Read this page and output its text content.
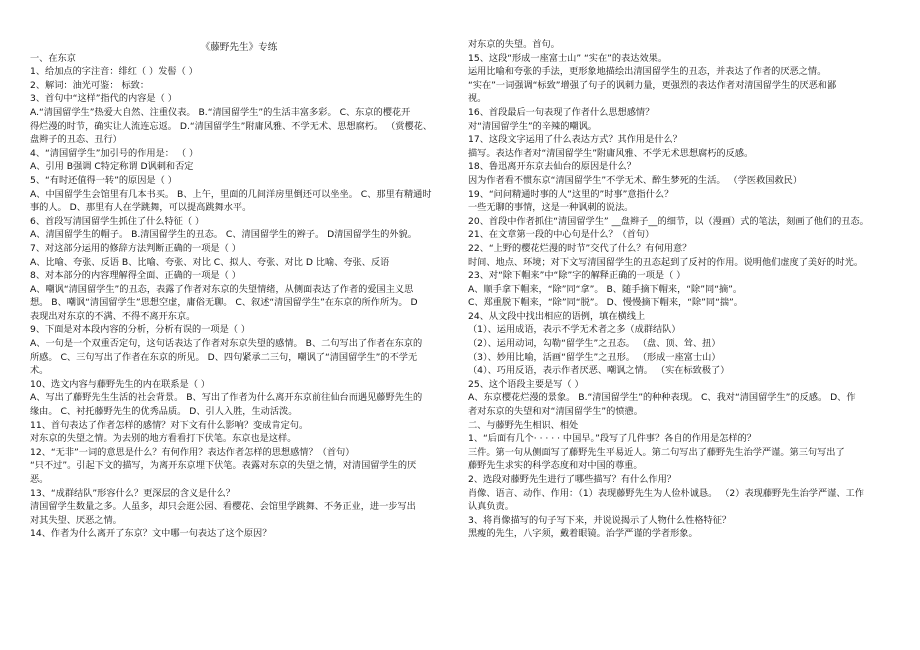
《藤野先生》专练

一、在东京
1、给加点的字注音：绯红（ ）发髻（ ）
2、解词：油光可鉴： 标致：
3、首句中“这样”指代的内容是（ ）
A.“清国留学生”热爱大自然、注重仪表。 B.“清国留学生”的生活丰富多彩。 C、东京的樱花开
得烂漫的时节，确实让人流连忘返。 D.“清国留学生”附庸风雅、不学无术、思想腐朽。 （赏樱花、
盘辫子的丑态、丑行）
4、“清国留学生”加引号的作用是： （ ）
A、引用 B强调 C特定称谓 D讽刺和否定
5、“有时还值得一转”的原因是（ ）
A、中国留学生会馆里有几本书买。 B、上午，里面的几间洋房里倒还可以坐坐。 C、那里有精通时
事的人。 D、那里有人在学跳舞，可以提高跳舞水平。
6、首段写清国留学生抓住了什么特征（ ）
A、清国留学生的帽子。 B.清国留学生的丑态。 C、清国留学生的辫子。 D清国留学生的外貌。
7、对这部分运用的修辞方法判断正确的一项是（ ）
A、比喻、夸张、反语 B、比喻、夸张、对比 C、拟人、夸张、对比 D 比喻、夸张、反语
8、对本部分的内容理解得全面、正确的一项是（ ）
A、嘲讽“清国留学生”的丑态，表露了作者对东京的失望情绪，从侧面表达了作者的爱国主义思
想。 B、嘲讽“清国留学生”思想空虚，庸俗无聊。 C、叙述“清国留学生”在东京的所作所为。 D
表现出对东京的不满、不得不离开东京。
9、下面是对本段内容的分析，分析有误的一项是（ ）
A、一句是一个双重否定句，这句话表达了作者对东京失望的感情。 B、二句写出了作者在东京的
所感。 C、三句写出了作者在东京的所见。 D、四句紧承二三句，嘲讽了“清国留学生”的不学无
术。
10、选文内容与藤野先生的内在联系是（ ）
A、写出了藤野先生生活的社会背景。 B、写出了作者为什么离开东京前往仙台而遇见藤野先生的
缘由。 C、衬托藤野先生的优秀品质。 D、引人入胜，生动活泼。
11、首句表达了作者怎样的感情？对下文有什么影响？变成肯定句。
对东京的失望之情。为去别的地方看看打下伏笔。东京也是这样。
12、“无非”一词的意思是什么？有何作用？表达作者怎样的思想感情？（首句）
“只不过”。引起下文的描写，为离开东京埋下伏笔。表露对东京的失望之情，对清国留学生的厌
恶。
13、“成群结队”形容什么？更深层的含义是什么？
清国留学生数量之多。人虽多，却只会逛公园、看樱花、会馆里学跳舞、不务正业，进一步写出
对其失望、厌恶之情。
14、作者为什么离开了东京？文中哪一句表达了这个原因？
对东京的失望。首句。
15、这段“形成一座富士山” “实在”的表达效果。
运用比喻和夸张的手法，更形象地描绘出清国留学生的丑态，并表达了作者的厌恶之情。
“实在”一词强调“标致”增强了句子的讽刺力量，更强烈的表达作者对清国留学生的厌恶和鄙
视。
16、首段最后一句表现了作者什么思想感情？
对“清国留学生”的辛辣的嘲讽。
17、这段文字运用了什么表达方式？其作用是什么？
描写。表达作者对“清国留学生”附庸风雅、不学无术思想腐朽的反感。
18、鲁迅离开东京去仙台的原因是什么？
因为作者看不惯东京“清国留学生”不学无术、醉生梦死的生活。 （学医救国救民）
19、“问问精通时事的人”这里的”时事”意指什么？
一些无聊的事情，这是一种讽刺的说法。
20、首段中作者抓住“清国留学生” __盘辫子__的细节，以（漫画）式的笔法，刻画了他们的丑态。
21、在文章第一段的中心句是什么？（首句）
22、“上野的樱花烂漫的时节”交代了什么？有何用意？
时间、地点、环境；对下文写清国留学生的丑态起到了反衬的作用。说明他们虚度了美好的时光。
23、对“除下帽来”中“除”字的解释正确的一项是（ ）
A、顺手拿下帽来，“除”同“拿”。 B、随手摘下帽来，“除”同“摘”。
C、郑重脱下帽来，“除”同“脱”。 D、慢慢摘下帽来，“除”同“揣”。
24、从文段中找出相应的语例，填在横线上
（1）、运用成语，表示不学无术者之多（成群结队）
（2）、运用动词，勾勒“留学生”之丑态。 （盘、顶、耸、扭）
（3）、妙用比喻，活画“留学生”之丑形。 （形成一座富士山）
（4）、巧用反语，表示作者厌恶、嘲讽之情。 （实在标致极了）
25、这个语段主要是写（ ）
A、东京樱花烂漫的景象。 B.“清国留学生”的种种表现。 C、我对“清国留学生”的反感。 D、作
者对东京的失望和对“清国留学生”的愤懑。
二、与藤野先生相识、相处
1、“后面有几个· · · · · 中国早。”段写了几件事？各自的作用是怎样的？
三件。第一句从侧面写了藤野先生平易近人。第二句写出了藤野先生治学严谨。第三句写出了
藤野先生求实的科学态度和对中国的尊重。
2、选段对藤野先生进行了哪些描写？有什么作用？
肖像、语言、动作、作用：（1）表现藤野先生为人俭朴诚恳。 （2）表现藤野先生治学严谨、工作
认真负责。
3、将肖像描写的句子写下来，并说说揭示了人物什么性格特征？
黑瘦的先生，八字须，戴着眼镜。治学严谨的学者形象。
